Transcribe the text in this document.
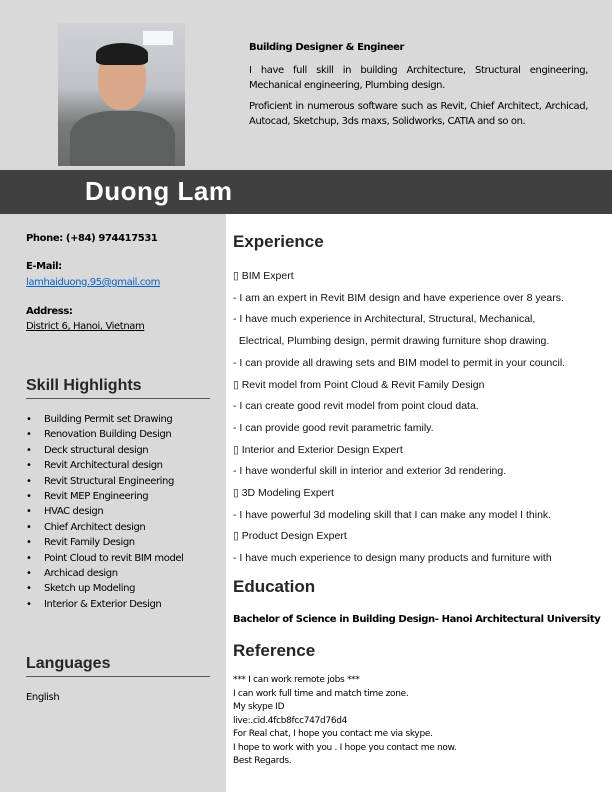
Building Designer & Engineer

I have full skill in building Architecture, Structural engineering, Mechanical engineering, Plumbing design.

Proficient in numerous software such as Revit, Chief Architect, Archicad, Autocad, Sketchup, 3ds maxs, Solidworks, CATIA and so on.

Duong Lam
Phone: (+84) 974417531
E-Mail:
lamhaiduong.95@gmail.com
Address:
District 6, Hanoi, Vietnam
Skill Highlights
• Building Permit set Drawing
• Renovation Building Design
• Deck structural design
• Revit Architectural design
• Revit Structural Engineering
• Revit MEP Engineering
• HVAC design
• Chief Architect design
• Revit Family Design
• Point Cloud to revit BIM model
• Archicad design
• Sketch up Modeling
• Interior & Exterior Design
Languages
English
Experience
▯ BIM Expert
- I am an expert in Revit BIM design and have experience over 8 years.
- I have much experience in Architectural, Structural, Mechanical,
Electrical, Plumbing design, permit drawing furniture shop drawing.
- I can provide all drawing sets and BIM model to permit in your council.
▯ Revit model from Point Cloud & Revit Family Design
- I can create good revit model from point cloud data.
- I can provide good revit parametric family.
▯ Interior and Exterior Design Expert
- I have wonderful skill in interior and exterior 3d rendering.
▯ 3D Modeling Expert
- I have powerful 3d modeling skill that I can make any model I think.
▯ Product Design Expert
- I have much experience to design many products and furniture with
Education
Bachelor of Science in Building Design- Hanoi Architectural University
Reference
*** I can work remote jobs ***
I can work full time and match time zone.
My skype ID
live:.cid.4fcb8fcc747d76d4
For Real chat, I hope you contact me via skype.
I hope to work with you . I hope you contact me now.
Best Regards.
